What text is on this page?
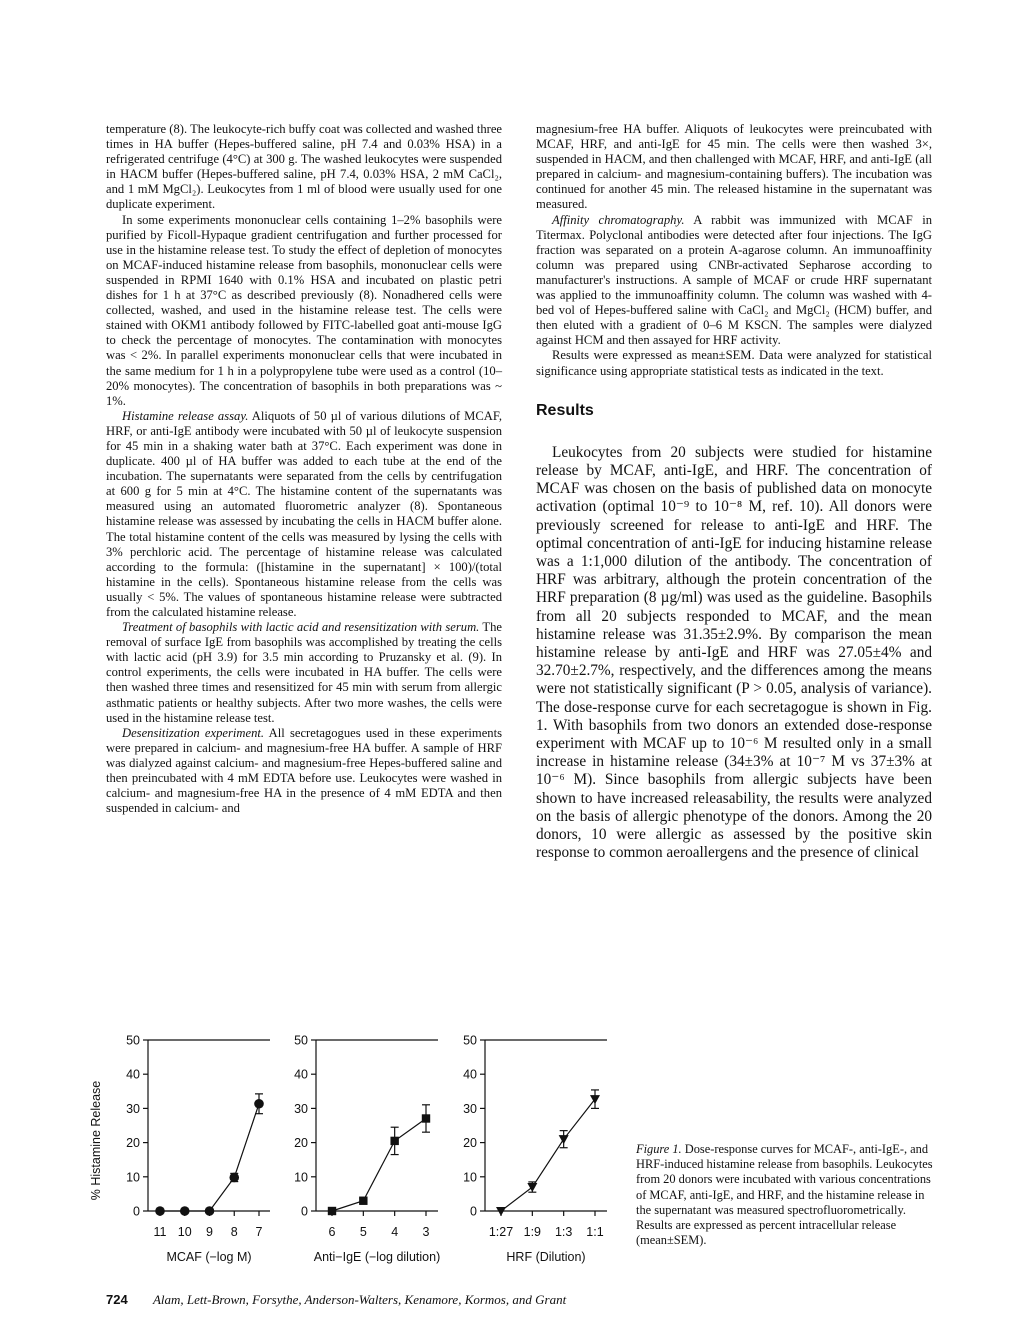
temperature (8). The leukocyte-rich buffy coat was collected and washed three times in HA buffer (Hepes-buffered saline, pH 7.4 and 0.03% HSA) in a refrigerated centrifuge (4°C) at 300 g. The washed leukocytes were suspended in HACM buffer (Hepes-buffered saline, pH 7.4, 0.03% HSA, 2 mM CaCl₂, and 1 mM MgCl₂). Leukocytes from 1 ml of blood were usually used for one duplicate experiment.

In some experiments mononuclear cells containing 1–2% basophils were purified by Ficoll-Hypaque gradient centrifugation and further processed for use in the histamine release test. To study the effect of depletion of monocytes on MCAF-induced histamine release from basophils, mononuclear cells were suspended in RPMI 1640 with 0.1% HSA and incubated on plastic petri dishes for 1 h at 37°C as described previously (8). Nonadhered cells were collected, washed, and used in the histamine release test. The cells were stained with OKM1 antibody followed by FITC-labelled goat anti-mouse IgG to check the percentage of monocytes. The contamination with monocytes was < 2%. In parallel experiments mononuclear cells that were incubated in the same medium for 1 h in a polypropylene tube were used as a control (10–20% monocytes). The concentration of basophils in both preparations was ~ 1%.

Histamine release assay. Aliquots of 50 µl of various dilutions of MCAF, HRF, or anti-IgE antibody were incubated with 50 µl of leukocyte suspension for 45 min in a shaking water bath at 37°C. Each experiment was done in duplicate. 400 µl of HA buffer was added to each tube at the end of the incubation. The supernatants were separated from the cells by centrifugation at 600 g for 5 min at 4°C. The histamine content of the supernatants was measured using an automated fluorometric analyzer (8). Spontaneous histamine release was assessed by incubating the cells in HACM buffer alone. The total histamine content of the cells was measured by lysing the cells with 3% perchloric acid. The percentage of histamine release was calculated according to the formula: ([histamine in the supernatant] × 100)/(total histamine in the cells). Spontaneous histamine release from the cells was usually < 5%. The values of spontaneous histamine release were subtracted from the calculated histamine release.

Treatment of basophils with lactic acid and resensitization with serum. The removal of surface IgE from basophils was accomplished by treating the cells with lactic acid (pH 3.9) for 3.5 min according to Pruzansky et al. (9). In control experiments, the cells were incubated in HA buffer. The cells were then washed three times and resensitized for 45 min with serum from allergic asthmatic patients or healthy subjects. After two more washes, the cells were used in the histamine release test.

Desensitization experiment. All secretagogues used in these experiments were prepared in calcium- and magnesium-free HA buffer. A sample of HRF was dialyzed against calcium- and magnesium-free Hepes-buffered saline and then preincubated with 4 mM EDTA before use. Leukocytes were washed in calcium- and magnesium-free HA in the presence of 4 mM EDTA and then suspended in calcium- and

magnesium-free HA buffer. Aliquots of leukocytes were preincubated with MCAF, HRF, and anti-IgE for 45 min. The cells were then washed 3×, suspended in HACM, and then challenged with MCAF, HRF, and anti-IgE (all prepared in calcium- and magnesium-containing buffers). The incubation was continued for another 45 min. The released histamine in the supernatant was measured.

Affinity chromatography. A rabbit was immunized with MCAF in Titermax. Polyclonal antibodies were detected after four injections. The IgG fraction was separated on a protein A-agarose column. An immunoaffinity column was prepared using CNBr-activated Sepharose according to manufacturer's instructions. A sample of MCAF or crude HRF supernatant was applied to the immunoaffinity column. The column was washed with 4-bed vol of Hepes-buffered saline with CaCl₂ and MgCl₂ (HCM) buffer, and then eluted with a gradient of 0–6 M KSCN. The samples were dialyzed against HCM and then assayed for HRF activity.

Results were expressed as mean±SEM. Data were analyzed for statistical significance using appropriate statistical tests as indicated in the text.

Results

Leukocytes from 20 subjects were studied for histamine release by MCAF, anti-IgE, and HRF. The concentration of MCAF was chosen on the basis of published data on monocyte activation (optimal 10⁻⁹ to 10⁻⁸ M, ref. 10). All donors were previously screened for release to anti-IgE and HRF. The optimal concentration of anti-IgE for inducing histamine release was a 1:1,000 dilution of the antibody. The concentration of HRF was arbitrary, although the protein concentration of the HRF preparation (8 µg/ml) was used as the guideline. Basophils from all 20 subjects responded to MCAF, and the mean histamine release was 31.35±2.9%. By comparison the mean histamine release by anti-IgE and HRF was 27.05±4% and 32.70±2.7%, respectively, and the differences among the means were not statistically significant (P > 0.05, analysis of variance). The dose-response curve for each secretagogue is shown in Fig. 1. With basophils from two donors an extended dose-response experiment with MCAF up to 10⁻⁶ M resulted only in a small increase in histamine release (34±3% at 10⁻⁷ M vs 37±3% at 10⁻⁶ M). Since basophils from allergic subjects have been shown to have increased releasability, the results were analyzed on the basis of allergic phenotype of the donors. Among the 20 donors, 10 were allergic as assessed by the positive skin response to common aeroallergens and the presence of clinical

0
10
20
30
40
50
11 10 9 8 7
MCAF (−log M)
% Histamine Release
0
10
20
30
40
50
6 5 4 3
Anti−IgE (−log dilution)
0
10
20
30
40
50
1:27 1:9 1:3 1:1
HRF (Dilution)
Figure 1. Dose-response curves for MCAF-, anti-IgE-, and HRF-induced histamine release from basophils. Leukocytes from 20 donors were incubated with various concentrations of MCAF, anti-IgE, and HRF, and the histamine release in the supernatant was measured spectrofluorometrically. Results are expressed as percent intracellular release (mean±SEM).
724 Alam, Lett-Brown, Forsythe, Anderson-Walters, Kenamore, Kormos, and Grant
